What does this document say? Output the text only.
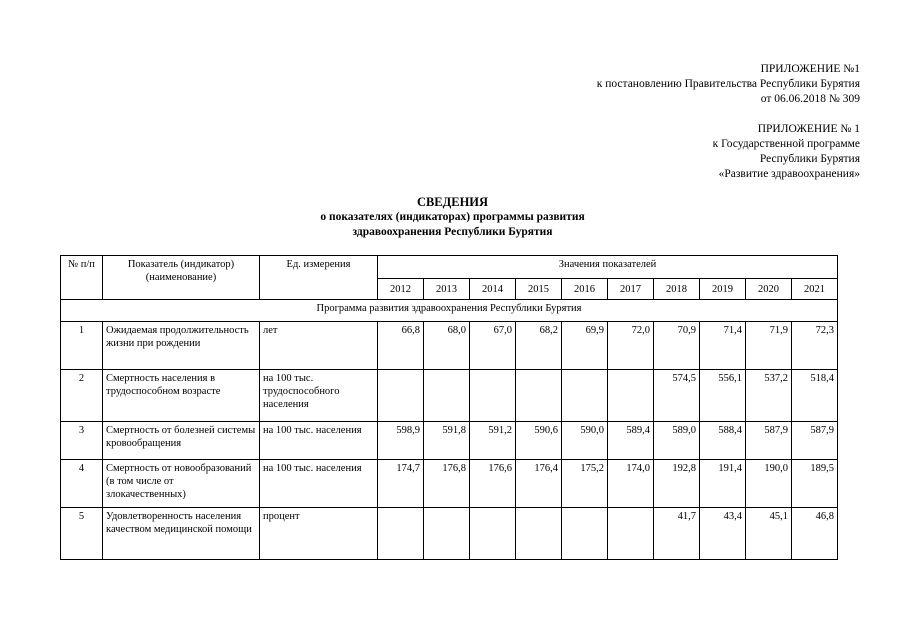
ПРИЛОЖЕНИЕ №1
к постановлению Правительства Республики Бурятия
от 06.06.2018 № 309
ПРИЛОЖЕНИЕ № 1
к Государственной программе
Республики Бурятия
«Развитие здравоохранения»
СВЕДЕНИЯ
о показателях (индикаторах) программы развития
здравоохранения Республики Бурятия
№ п/п	Показатель (индикатор) (наименование)	Ед. измерения	Значения показателей									
			2012	2013	2014	2015	2016	2017	2018	2019	2020	2021
Программа развития здравоохранения Республики Бурятия												
1	Ожидаемая продолжительность жизни при рождении	лет	66,8	68,0	67,0	68,2	69,9	72,0	70,9	71,4	71,9	72,3
2	Смертность населения в трудоспособном возрасте	на 100 тыс. трудоспособного населения							574,5	556,1	537,2	518,4
3	Смертность от болезней системы кровообращения	на 100 тыс. населения	598,9	591,8	591,2	590,6	590,0	589,4	589,0	588,4	587,9	587,9
4	Смертность от новообразований (в том числе от злокачественных)	на 100 тыс. населения	174,7	176,8	176,6	176,4	175,2	174,0	192,8	191,4	190,0	189,5
5	Удовлетворенность населения качеством медицинской помощи	процент							41,7	43,4	45,1	46,8
